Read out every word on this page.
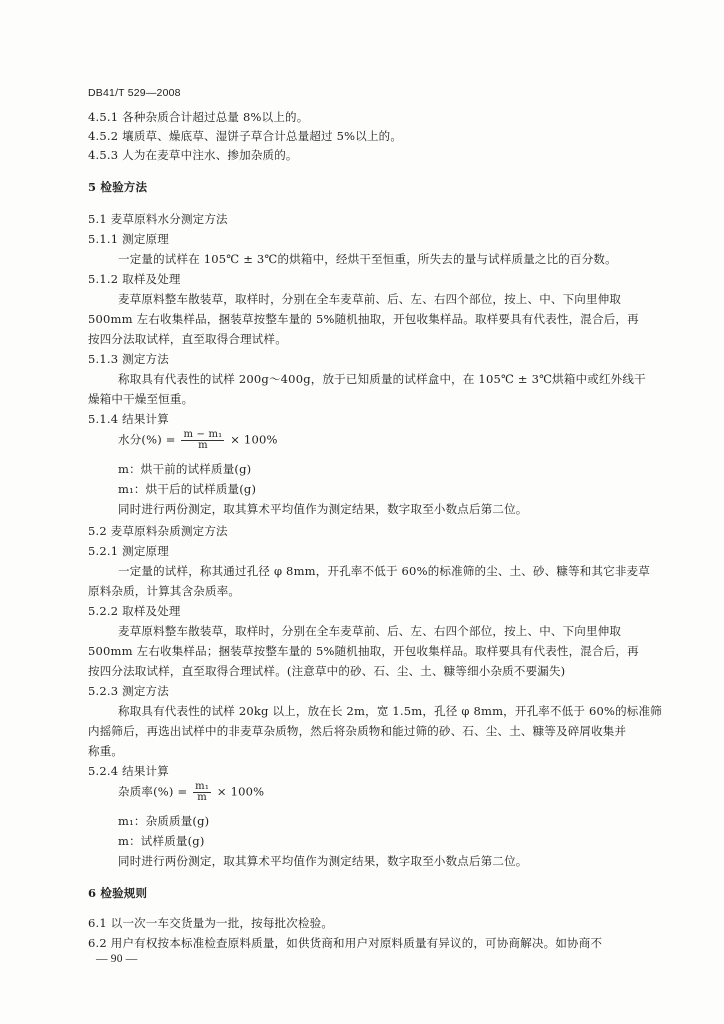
DB41/T 529—2008
4.5.1 各种杂质合计超过总量 8%以上的。
4.5.2 壤质草、燥底草、湿饼子草合计总量超过 5%以上的。
4.5.3 人为在麦草中注水、掺加杂质的。
5 检验方法
5.1 麦草原料水分测定方法
5.1.1 测定原理
一定量的试样在 105℃ ± 3℃的烘箱中，经烘干至恒重，所失去的量与试样质量之比的百分数。
5.1.2 取样及处理
麦草原料整车散装草，取样时，分别在全车麦草前、后、左、右四个部位，按上、中、下向里伸取
500mm 左右收集样品，捆装草按整车量的 5%随机抽取，开包收集样品。取样要具有代表性，混合后，再
按四分法取试样，直至取得合理试样。
5.1.3 测定方法
称取具有代表性的试样 200g～400g，放于已知质量的试样盒中，在 105℃ ± 3℃烘箱中或红外线干
燥箱中干燥至恒重。
5.1.4 结果计算
m：烘干前的试样质量(g)
m₁：烘干后的试样质量(g)
同时进行两份测定，取其算术平均值作为测定结果，数字取至小数点后第二位。
5.2 麦草原料杂质测定方法
5.2.1 测定原理
一定量的试样，称其通过孔径 φ 8mm，开孔率不低于 60%的标准筛的尘、土、砂、糠等和其它非麦草
原料杂质，计算其含杂质率。
5.2.2 取样及处理
麦草原料整车散装草，取样时，分别在全车麦草前、后、左、右四个部位，按上、中、下向里伸取
500mm 左右收集样品；捆装草按整车量的 5%随机抽取，开包收集样品。取样要具有代表性，混合后，再
按四分法取试样，直至取得合理试样。(注意草中的砂、石、尘、土、糠等细小杂质不要漏失)
5.2.3 测定方法
称取具有代表性的试样 20kg 以上，放在长 2m，宽 1.5m，孔径 φ 8mm，开孔率不低于 60%的标准筛
内摇筛后，再选出试样中的非麦草杂质物，然后将杂质物和能过筛的砂、石、尘、土、糠等及碎屑收集并
称重。
5.2.4 结果计算
m₁：杂质质量(g)
m：试样质量(g)
同时进行两份测定，取其算术平均值作为测定结果，数字取至小数点后第二位。
6 检验规则
6.1 以一次一车交货量为一批，按每批次检验。
6.2 用户有权按本标准检查原料质量，如供货商和用户对原料质量有异议的，可协商解决。如协商不
水分(%) = $\frac{\text{m − m₁}}{m} \times 100\%$
杂质率(%) = $\frac{\text{m₁}}{m} \times 100\%$
— 90 —
